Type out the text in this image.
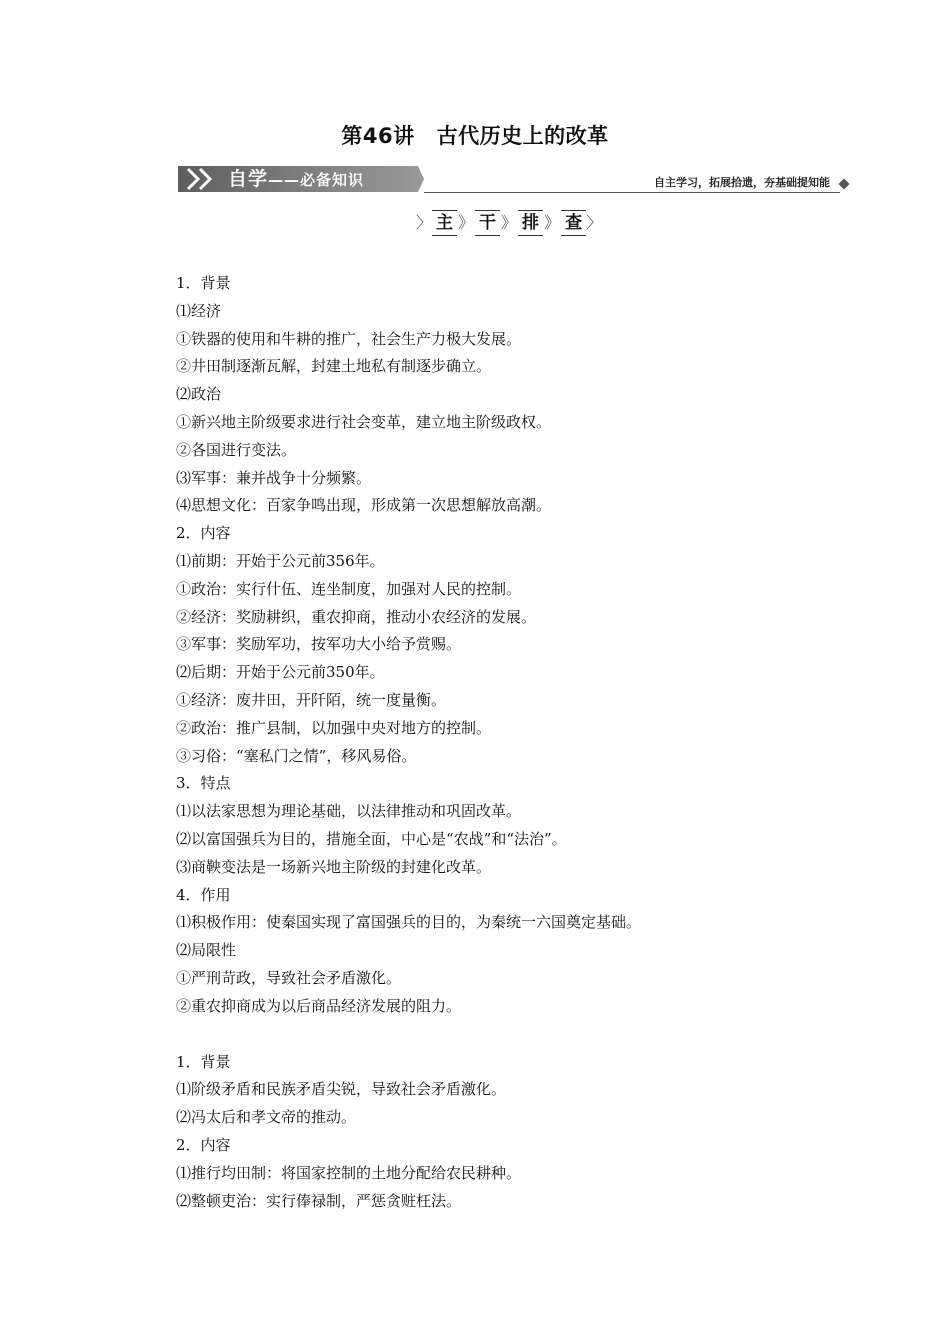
第46讲 古代历史上的改革
自学——必备知识	自主学习，拓展拾遗，夯基础提知能
〉 主 》 干 》 排 》 查 〉
1．背景
⑴经济
①铁器的使用和牛耕的推广，社会生产力极大发展。
②井田制逐渐瓦解，封建土地私有制逐步确立。
⑵政治
①新兴地主阶级要求进行社会变革，建立地主阶级政权。
②各国进行变法。
⑶军事：兼并战争十分频繁。
⑷思想文化：百家争鸣出现，形成第一次思想解放高潮。
2．内容
⑴前期：开始于公元前356年。
①政治：实行什伍、连坐制度，加强对人民的控制。
②经济：奖励耕织，重农抑商，推动小农经济的发展。
③军事：奖励军功，按军功大小给予赏赐。
⑵后期：开始于公元前350年。
①经济：废井田，开阡陌，统一度量衡。
②政治：推广县制，以加强中央对地方的控制。
③习俗：“塞私门之情”，移风易俗。
3．特点
⑴以法家思想为理论基础，以法律推动和巩固改革。
⑵以富国强兵为目的，措施全面，中心是“农战”和“法治”。
⑶商鞅变法是一场新兴地主阶级的封建化改革。
4．作用
⑴积极作用：使秦国实现了富国强兵的目的，为秦统一六国奠定基础。
⑵局限性
①严刑苛政，导致社会矛盾激化。
②重农抑商成为以后商品经济发展的阻力。
1．背景
⑴阶级矛盾和民族矛盾尖锐，导致社会矛盾激化。
⑵冯太后和孝文帝的推动。
2．内容
⑴推行均田制：将国家控制的土地分配给农民耕种。
⑵整顿吏治：实行俸禄制，严惩贪赃枉法。
